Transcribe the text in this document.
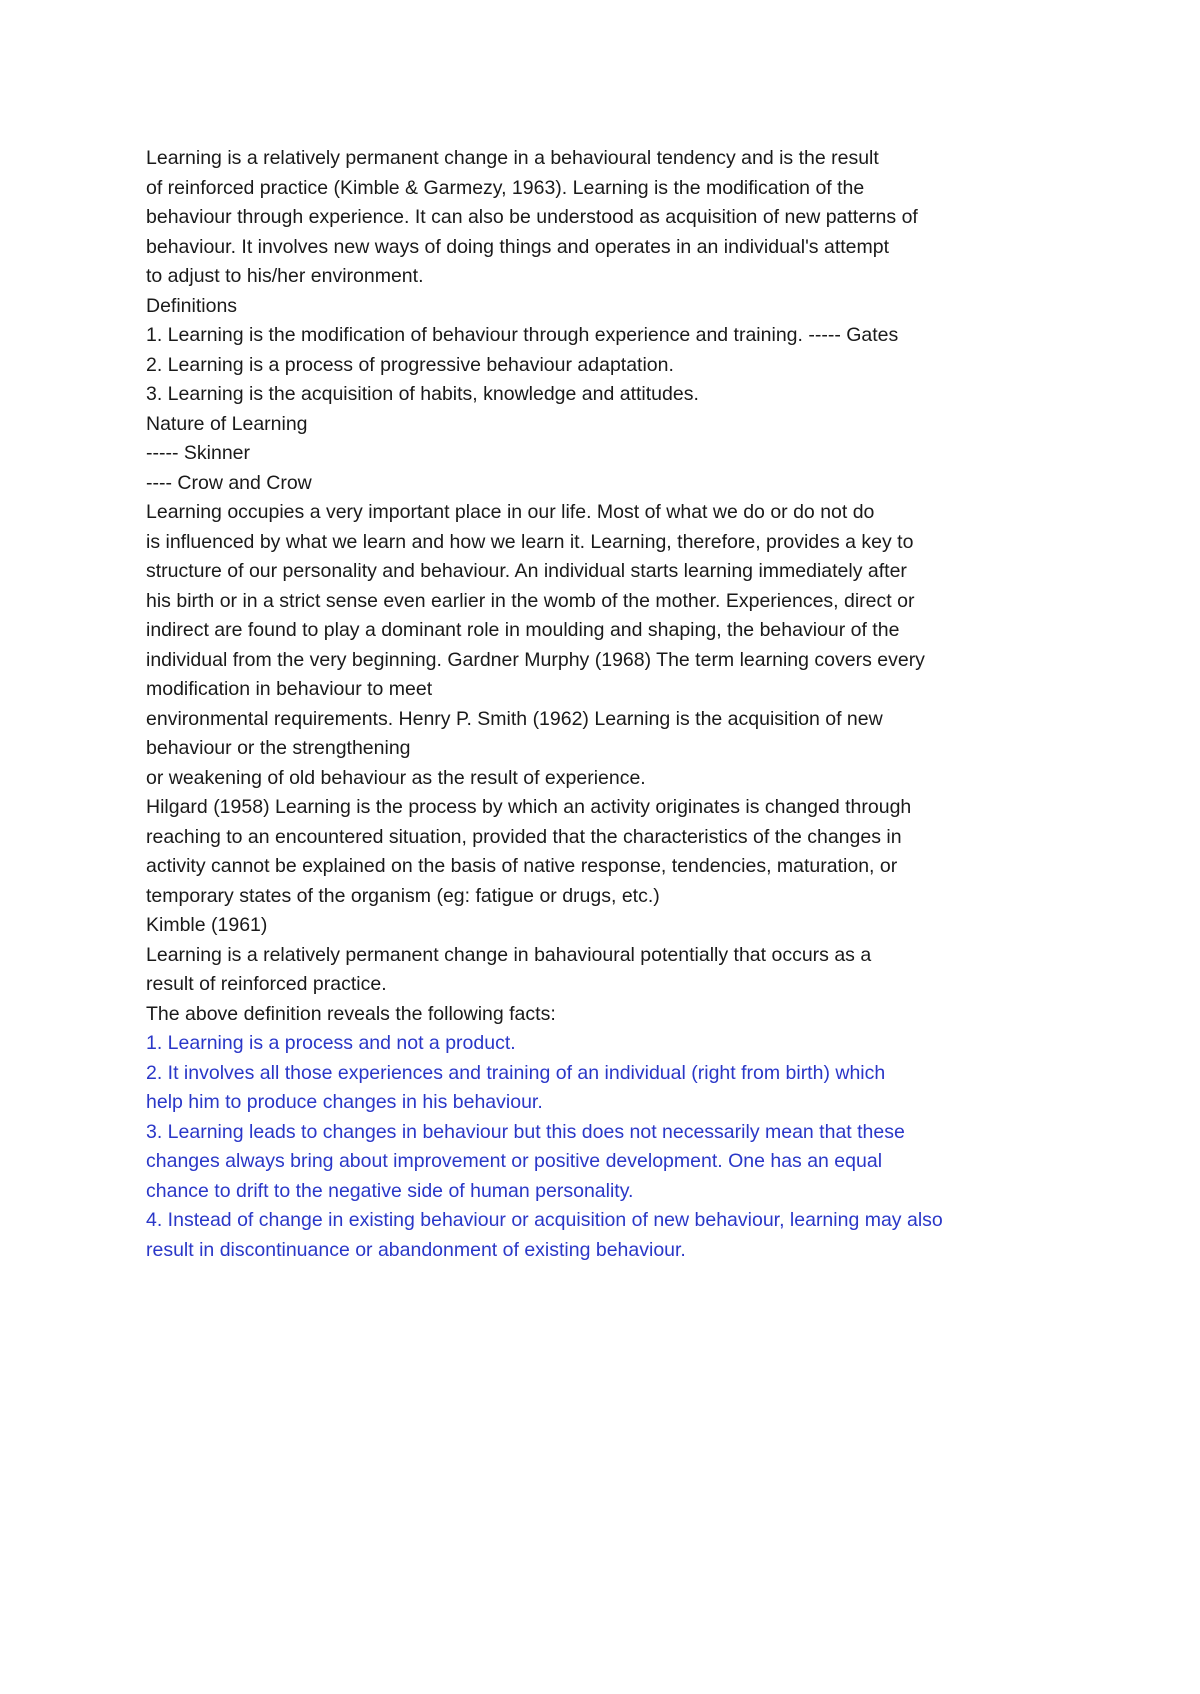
Learning is a relatively permanent change in a behavioural tendency and is the result
of reinforced practice (Kimble & Garmezy, 1963). Learning is the modification of the
behaviour through experience. It can also be understood as acquisition of new patterns of
behaviour. It involves new ways of doing things and operates in an individual's attempt
to adjust to his/her environment.
Definitions
1. Learning is the modification of behaviour through experience and training. ----- Gates
2. Learning is a process of progressive behaviour adaptation.
3. Learning is the acquisition of habits, knowledge and attitudes.
Nature of Learning
----- Skinner
---- Crow and Crow
Learning occupies a very important place in our life. Most of what we do or do not do
is influenced by what we learn and how we learn it. Learning, therefore, provides a key to
structure of our personality and behaviour. An individual starts learning immediately after
his birth or in a strict sense even earlier in the womb of the mother. Experiences, direct or
indirect are found to play a dominant role in moulding and shaping, the behaviour of the
individual from the very beginning. Gardner Murphy (1968) The term learning covers every
modification in behaviour to meet
environmental requirements. Henry P. Smith (1962) Learning is the acquisition of new
behaviour or the strengthening
or weakening of old behaviour as the result of experience.
Hilgard (1958) Learning is the process by which an activity originates is changed through
reaching to an encountered situation, provided that the characteristics of the changes in
activity cannot be explained on the basis of native response, tendencies, maturation, or
temporary states of the organism (eg: fatigue or drugs, etc.)
Kimble (1961)
Learning is a relatively permanent change in bahavioural potentially that occurs as a
result of reinforced practice.
The above definition reveals the following facts:
1. Learning is a process and not a product.
2. It involves all those experiences and training of an individual (right from birth) which
help him to produce changes in his behaviour.
3. Learning leads to changes in behaviour but this does not necessarily mean that these
changes always bring about improvement or positive development. One has an equal
chance to drift to the negative side of human personality.
4. Instead of change in existing behaviour or acquisition of new behaviour, learning may also
result in discontinuance or abandonment of existing behaviour.
